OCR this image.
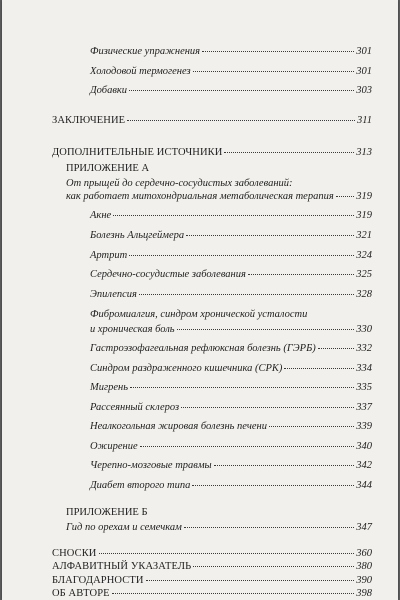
Физические упражнения	301
Холодовой термогенез	301
Добавки	303
ЗАКЛЮЧЕНИЕ	311
ДОПОЛНИТЕЛЬНЫЕ ИСТОЧНИКИ	313
ПРИЛОЖЕНИЕ А
От прыщей до сердечно-сосудистых заболеваний:
как работает митохондриальная метаболическая терапия 319
Акне	319
Болезнь Альцгеймера	321
Артрит	324
Сердечно-сосудистые заболевания	325
Эпилепсия	328
Фибромиалгия, синдром хронической усталости
и хроническая боль	330
Гастроэзофагеальная рефлюксная болезнь (ГЭРБ)	332
Синдром раздраженного кишечника (СРК)	334
Мигрень	335
Рассеянный склероз	337
Неалкогольная жировая болезнь печени	339
Ожирение	340
Черепно-мозговые травмы	342
Диабет второго типа	344
ПРИЛОЖЕНИЕ Б
Гид по орехам и семечкам	347
СНОСКИ	360
АЛФАВИТНЫЙ УКАЗАТЕЛЬ	380
БЛАГОДАРНОСТИ	390
ОБ АВТОРЕ	398
